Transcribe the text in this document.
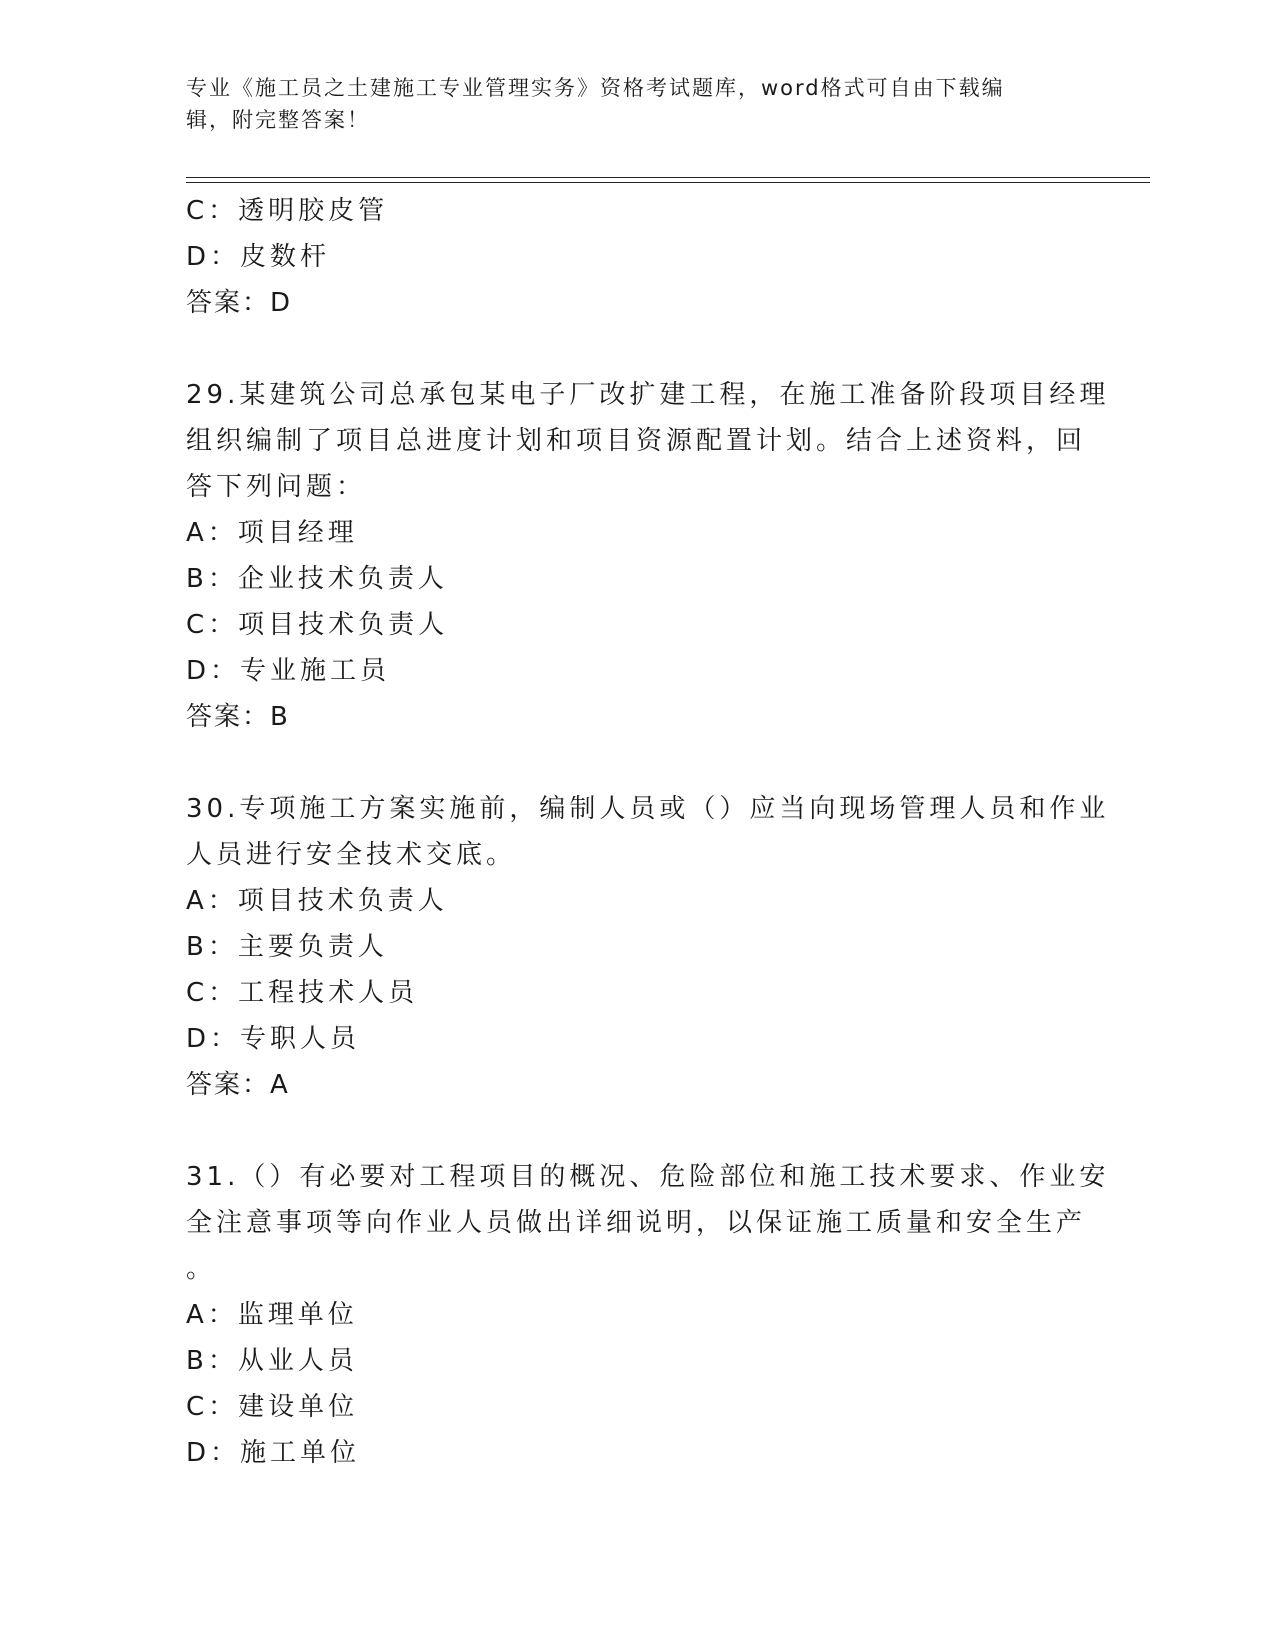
专业《施工员之土建施工专业管理实务》资格考试题库，word格式可自由下载编
辑，附完整答案！
C：透明胶皮管
D：皮数杆
答案：D
29.某建筑公司总承包某电子厂改扩建工程，在施工准备阶段项目经理
组织编制了项目总进度计划和项目资源配置计划。结合上述资料，回
答下列问题：
A：项目经理
B：企业技术负责人
C：项目技术负责人
D：专业施工员
答案：B
30.专项施工方案实施前，编制人员或（）应当向现场管理人员和作业
人员进行安全技术交底。
A：项目技术负责人
B：主要负责人
C：工程技术人员
D：专职人员
答案：A
31.（）有必要对工程项目的概况、危险部位和施工技术要求、作业安
全注意事项等向作业人员做出详细说明，以保证施工质量和安全生产
。
A：监理单位
B：从业人员
C：建设单位
D：施工单位
